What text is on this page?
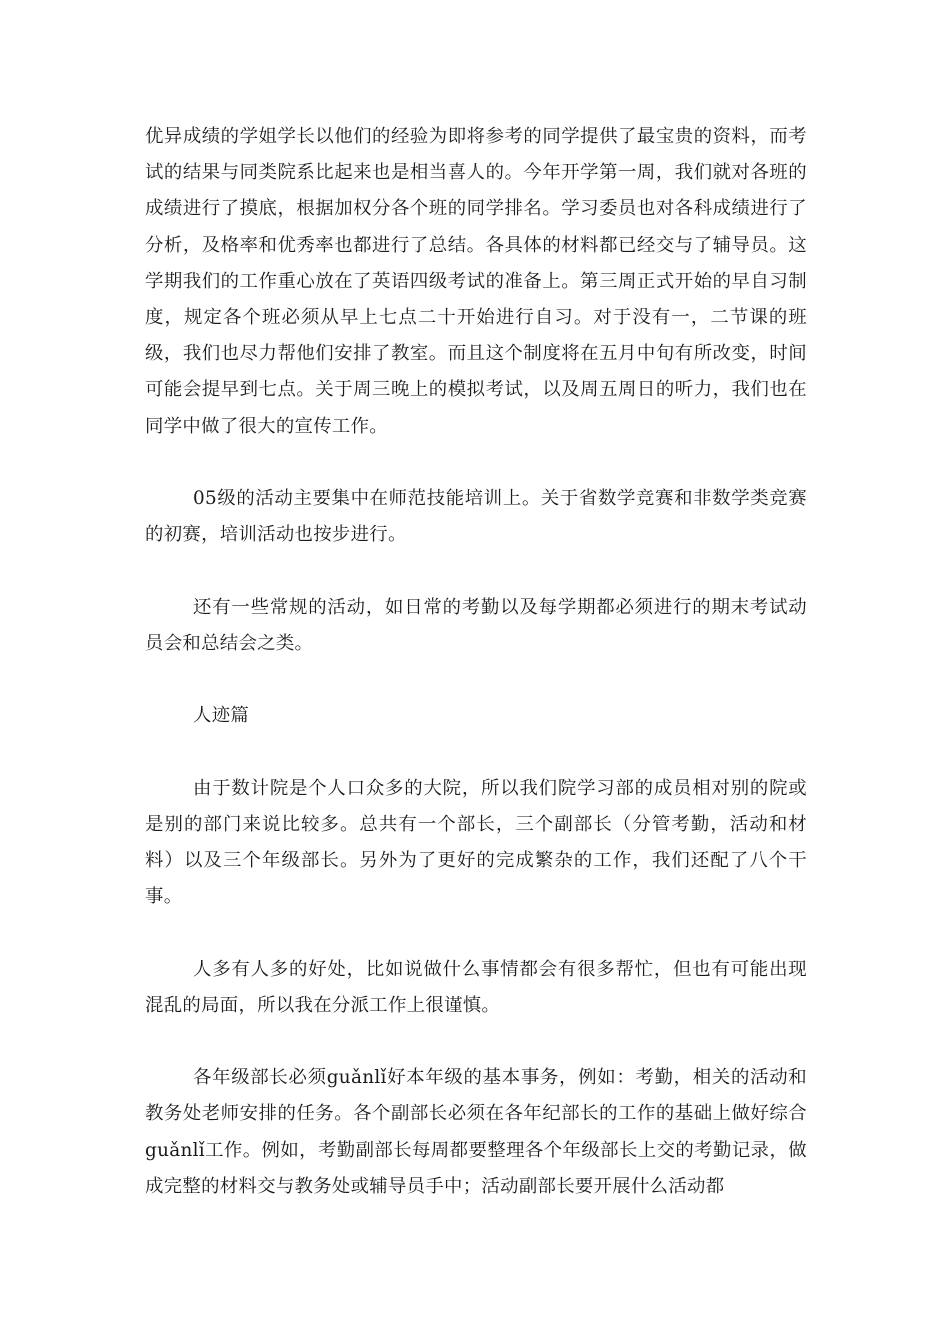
优异成绩的学姐学长以他们的经验为即将参考的同学提供了最宝贵的资料，而考试的结果与同类院系比起来也是相当喜人的。今年开学第一周，我们就对各班的成绩进行了摸底，根据加权分各个班的同学排名。学习委员也对各科成绩进行了分析，及格率和优秀率也都进行了总结。各具体的材料都已经交与了辅导员。这学期我们的工作重心放在了英语四级考试的准备上。第三周正式开始的早自习制度，规定各个班必须从早上七点二十开始进行自习。对于没有一，二节课的班级，我们也尽力帮他们安排了教室。而且这个制度将在五月中旬有所改变，时间可能会提早到七点。关于周三晚上的模拟考试，以及周五周日的听力，我们也在同学中做了很大的宣传工作。

05级的活动主要集中在师范技能培训上。关于省数学竞赛和非数学类竞赛的初赛，培训活动也按步进行。

还有一些常规的活动，如日常的考勤以及每学期都必须进行的期末考试动员会和总结会之类。

人迹篇

由于数计院是个人口众多的大院，所以我们院学习部的成员相对别的院或是别的部门来说比较多。总共有一个部长，三个副部长（分管考勤，活动和材料）以及三个年级部长。另外为了更好的完成繁杂的工作，我们还配了八个干事。

人多有人多的好处，比如说做什么事情都会有很多帮忙，但也有可能出现混乱的局面，所以我在分派工作上很谨慎。

各年级部长必须guǎnlǐ好本年级的基本事务，例如：考勤，相关的活动和教务处老师安排的任务。各个副部长必须在各年纪部长的工作的基础上做好综合guǎnlǐ工作。例如，考勤副部长每周都要整理各个年级部长上交的考勤记录，做成完整的材料交与教务处或辅导员手中；活动副部长要开展什么活动都
